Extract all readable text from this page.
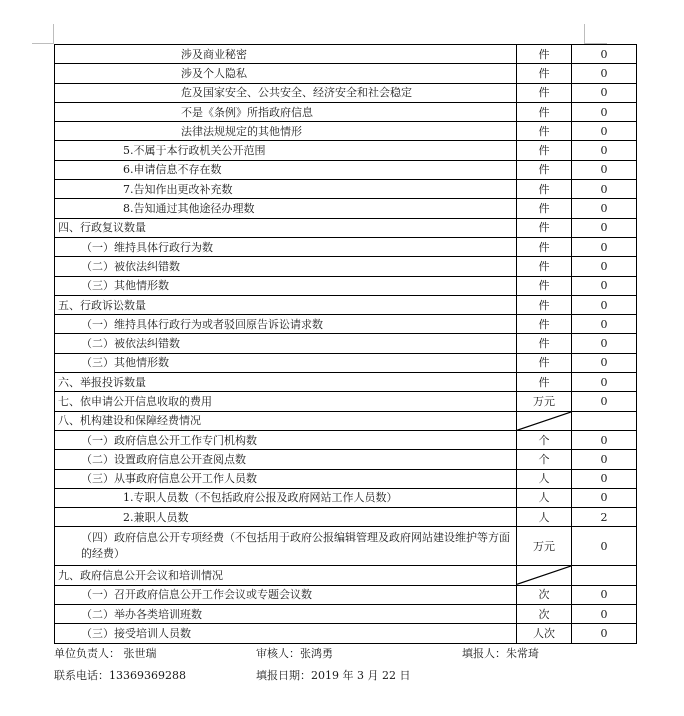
涉及商业秘密	件	0
涉及个人隐私	件	0
危及国家安全、公共安全、经济安全和社会稳定	件	0
不是《条例》所指政府信息	件	0
法律法规规定的其他情形	件	0
5.不属于本行政机关公开范围	件	0
6.申请信息不存在数	件	0
7.告知作出更改补充数	件	0
8.告知通过其他途径办理数	件	0
四、行政复议数量	件	0
（一）维持具体行政行为数	件	0
（二）被依法纠错数	件	0
（三）其他情形数	件	0
五、行政诉讼数量	件	0
（一）维持具体行政行为或者驳回原告诉讼请求数	件	0
（二）被依法纠错数	件	0
（三）其他情形数	件	0
六、举报投诉数量	件	0
七、依申请公开信息收取的费用	万元	0
八、机构建设和保障经费情况	

（一）政府信息公开工作专门机构数	个	0
（二）设置政府信息公开查阅点数	个	0
（三）从事政府信息公开工作人员数	人	0
1.专职人员数（不包括政府公报及政府网站工作人员数）	人	0
2.兼职人员数	人	2
（四）政府信息公开专项经费（不包括用于政府公报编辑管理及政府网站建设维护等方面的经费）	万元	0
九、政府信息公开会议和培训情况	

（一）召开政府信息公开工作会议或专题会议数	次	0
（二）举办各类培训班数	次	0
（三）接受培训人员数	人次	0
单位负责人： 张世瑞	审核人：张鸿勇	填报人：朱常琦
联系电话：13369369288	填报日期：2019 年 3 月 22 日
